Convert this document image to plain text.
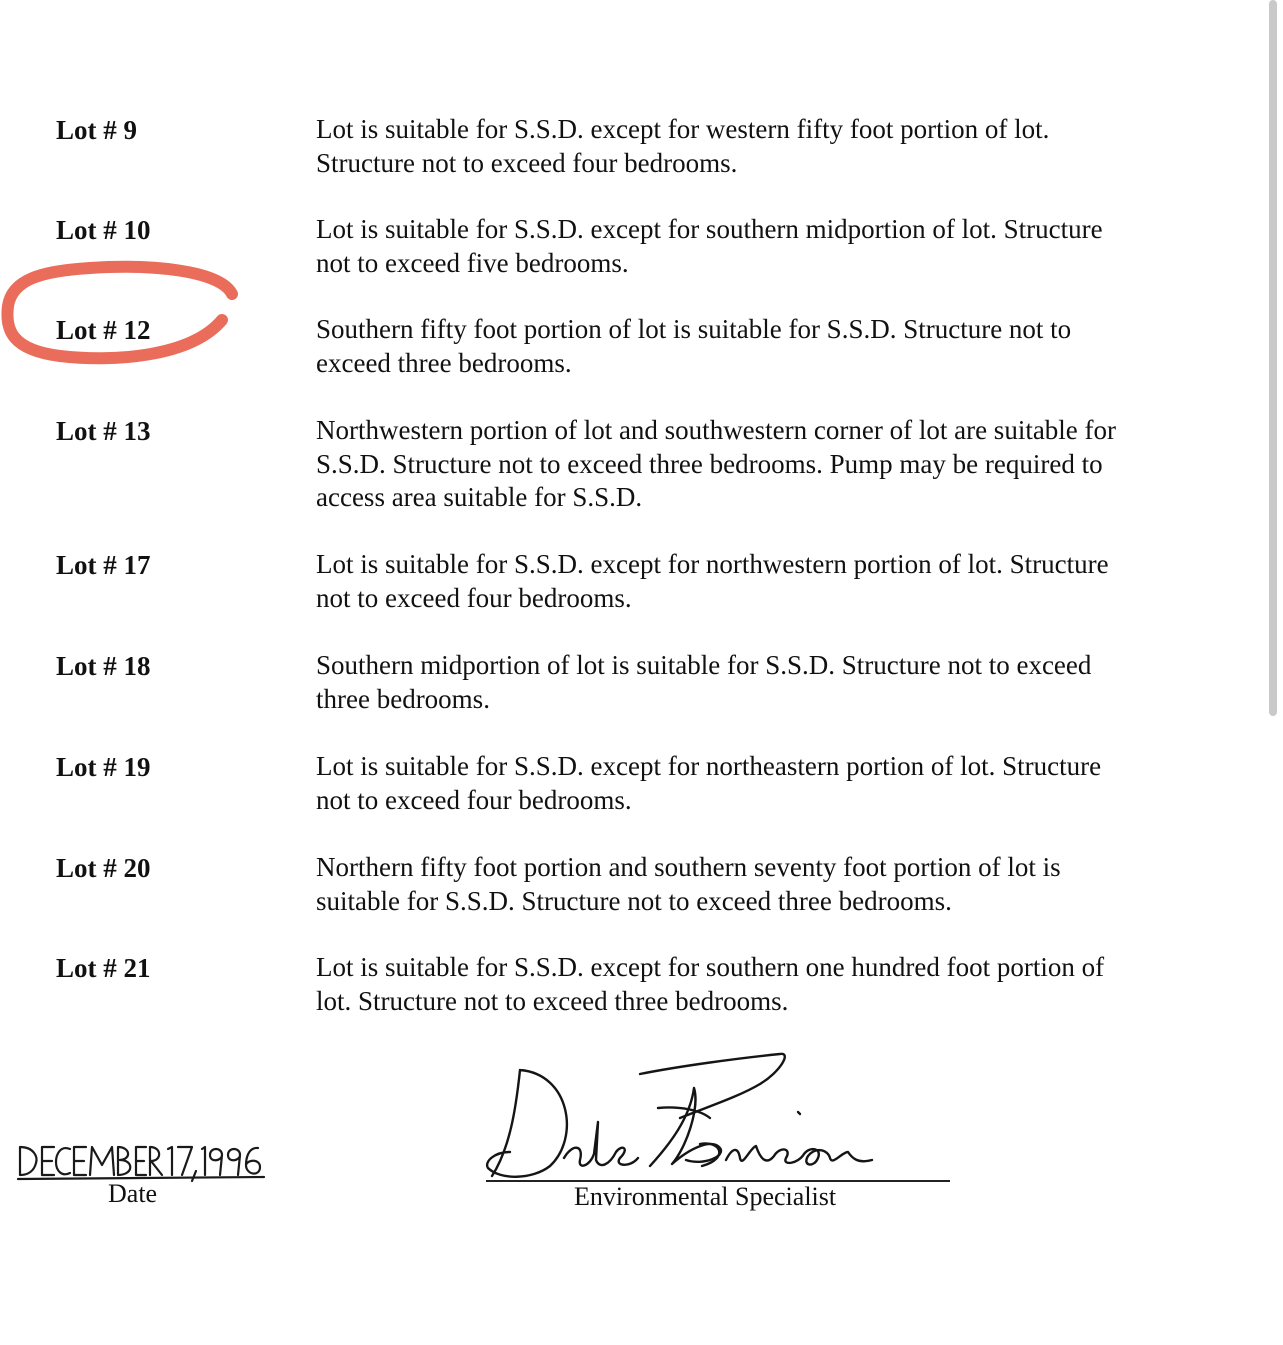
Lot # 9	Lot is suitable for S.S.D. except for western fifty foot portion of lot.
Structure not to exceed four bedrooms.
Lot # 10	Lot is suitable for S.S.D. except for southern midportion of lot. Structure
not to exceed five bedrooms.
Lot # 12	Southern fifty foot portion of lot is suitable for S.S.D. Structure not to
exceed three bedrooms.
Lot # 13	Northwestern portion of lot and southwestern corner of lot are suitable for
S.S.D. Structure not to exceed three bedrooms. Pump may be required to
access area suitable for S.S.D.
Lot # 17	Lot is suitable for S.S.D. except for northwestern portion of lot. Structure
not to exceed four bedrooms.
Lot # 18	Southern midportion of lot is suitable for S.S.D. Structure not to exceed
three bedrooms.
Lot # 19	Lot is suitable for S.S.D. except for northeastern portion of lot. Structure
not to exceed four bedrooms.
Lot # 20	Northern fifty foot portion and southern seventy foot portion of lot is
suitable for S.S.D. Structure not to exceed three bedrooms.
Lot # 21	Lot is suitable for S.S.D. except for southern one hundred foot portion of
lot. Structure not to exceed three bedrooms.
Date	Environmental Specialist
